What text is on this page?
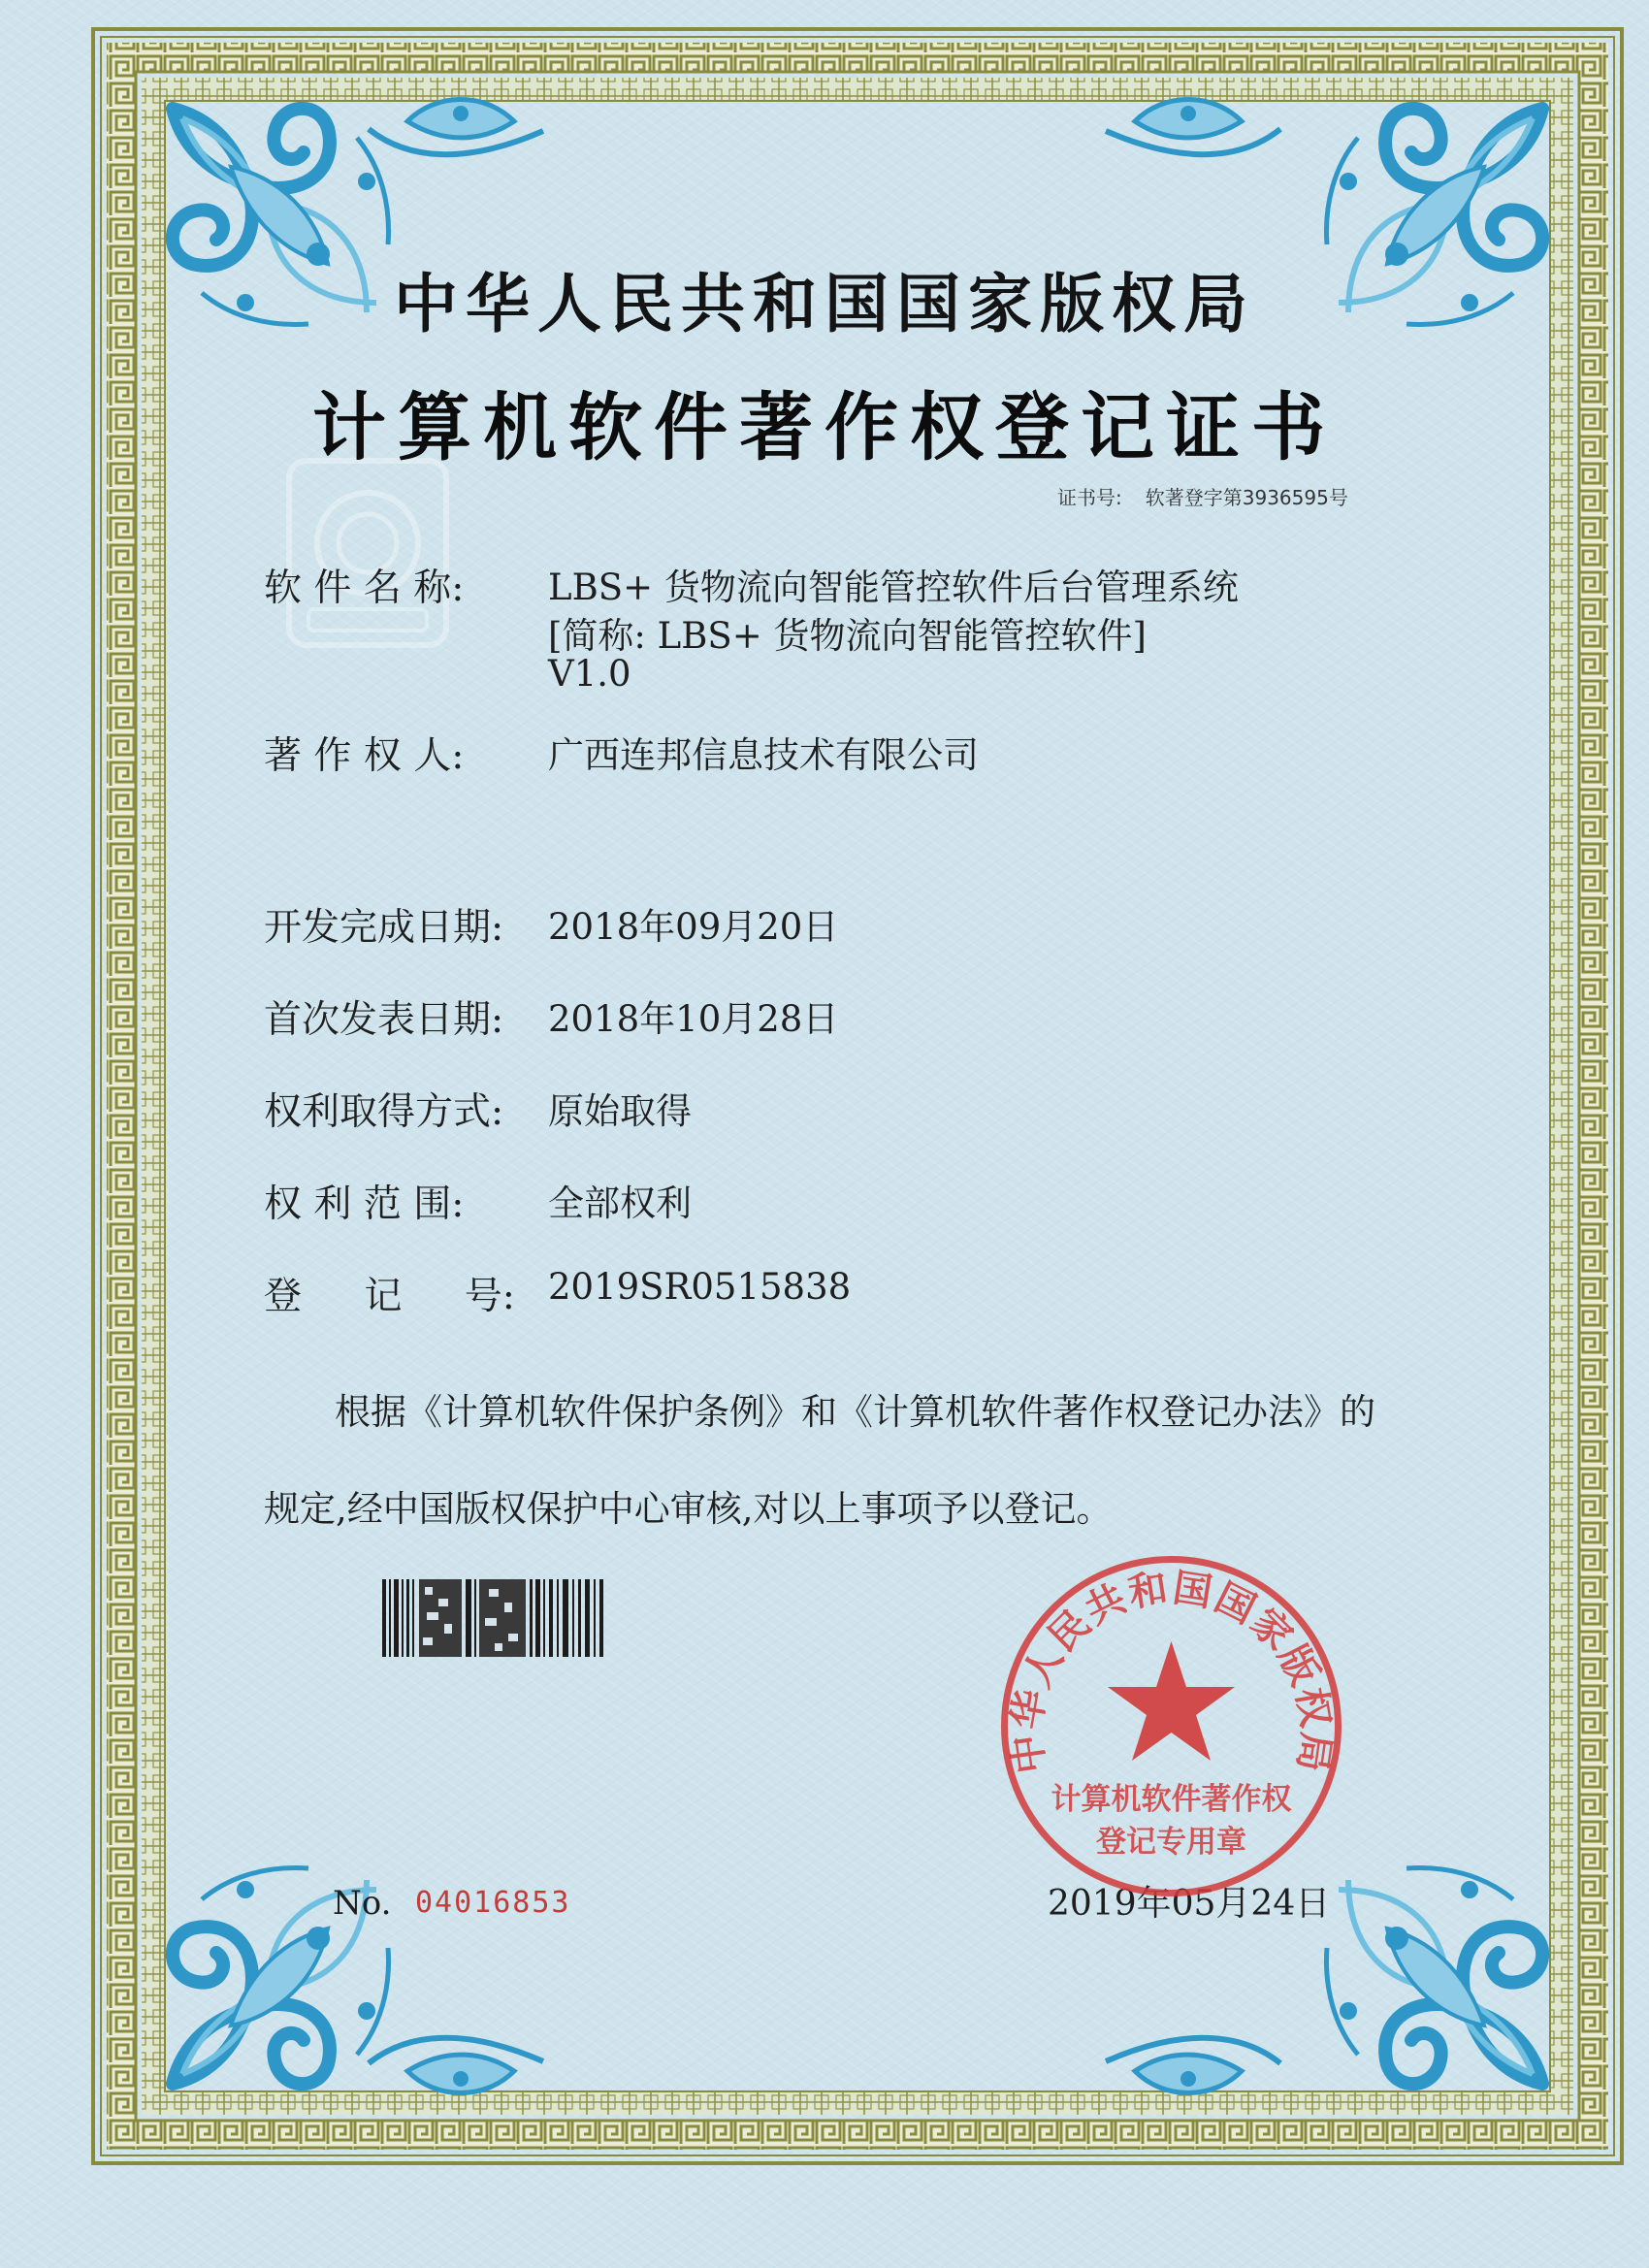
中华人民共和国国家版权局
计算机软件著作权登记证书
证书号: 软著登字第3936595号
软 件 名 称: LBS+ 货物流向智能管控软件后台管理系统
[简称: LBS+ 货物流向智能管控软件]
V1.0
著 作 权 人: 广西连邦信息技术有限公司
开发完成日期: 2018年09月20日
首次发表日期: 2018年10月28日
权利取得方式: 原始取得
权 利 范 围: 全部权利
登 记 号: 2019SR0515838
根据《计算机软件保护条例》和《计算机软件著作权登记办法》的
规定,经中国版权保护中心审核,对以上事项予以登记。
No. 04016853	2019年05月24日
中华人民共和国国家版权局
计算机软件著作权
登记专用章
